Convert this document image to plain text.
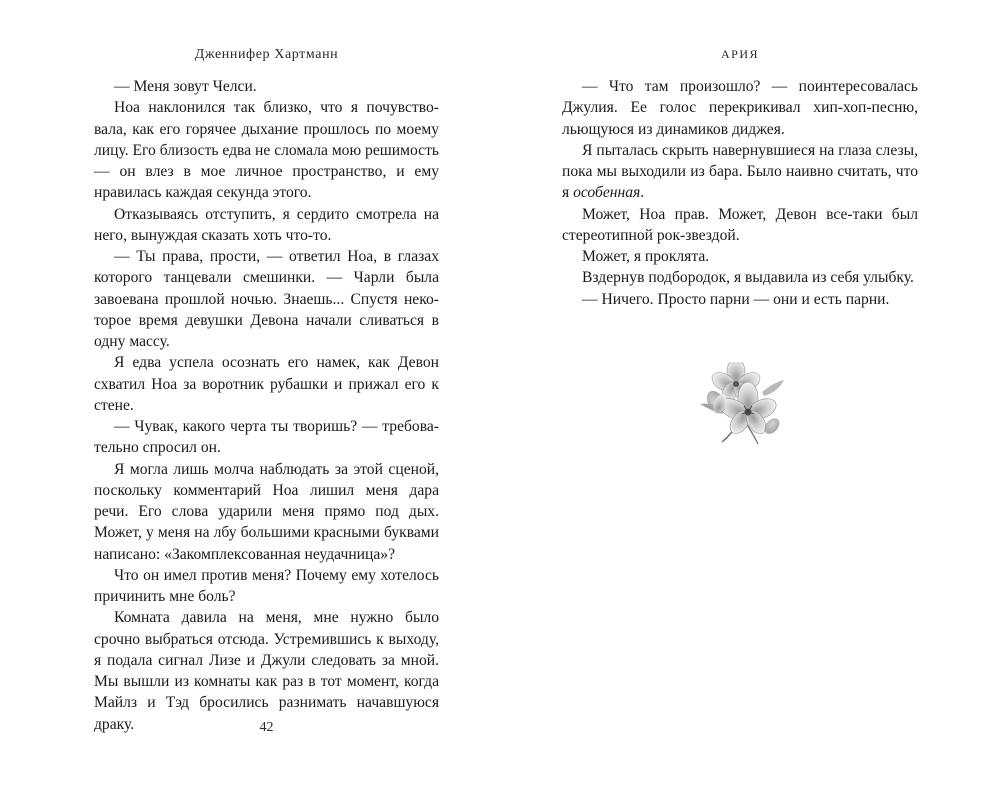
Дженнифер Хартманн

— Меня зовут Челси.

Ноа наклонился так близко, что я почувствовала, как его горячее дыхание прошлось по моему лицу. Его близость едва не сломала мою решимость — он влез в мое личное пространство, и ему нравилась каждая секунда этого.

Отказываясь отступить, я сердито смотрела на него, вынуждая сказать хоть что-то.

— Ты права, прости, — ответил Ноа, в глазах которого танцевали смешинки. — Чарли была завоевана прошлой ночью. Знаешь... Спустя некоторое время девушки Девона начали сливаться в одну массу.

Я едва успела осознать его намек, как Девон схватил Ноа за воротник рубашки и прижал его к стене.

— Чувак, какого черта ты творишь? — требовательно спросил он.

Я могла лишь молча наблюдать за этой сценой, поскольку комментарий Ноа лишил меня дара речи. Его слова ударили меня прямо под дых. Может, у меня на лбу большими красными буквами написано: «Закомплексованная неудачница»?

Что он имел против меня? Почему ему хотелось причинить мне боль?

Комната давила на меня, мне нужно было срочно выбраться отсюда. Устремившись к выходу, я подала сигнал Лизе и Джули следовать за мной. Мы вышли из комнаты как раз в тот момент, когда Майлз и Тэд бросились разнимать начавшуюся драку.	42
АРИЯ

— Что там произошло? — поинтересовалась Джулия. Ее голос перекрикивал хип-хоп-песню, льющуюся из динамиков диджея.

Я пыталась скрыть навернувшиеся на глаза слезы, пока мы выходили из бара. Было наивно считать, что я особенная.

Может, Ноа прав. Может, Девон все-таки был стереотипной рок-звездой.

Может, я проклята.

Вздернув подбородок, я выдавила из себя улыбку.

— Ничего. Просто парни — они и есть парни.
